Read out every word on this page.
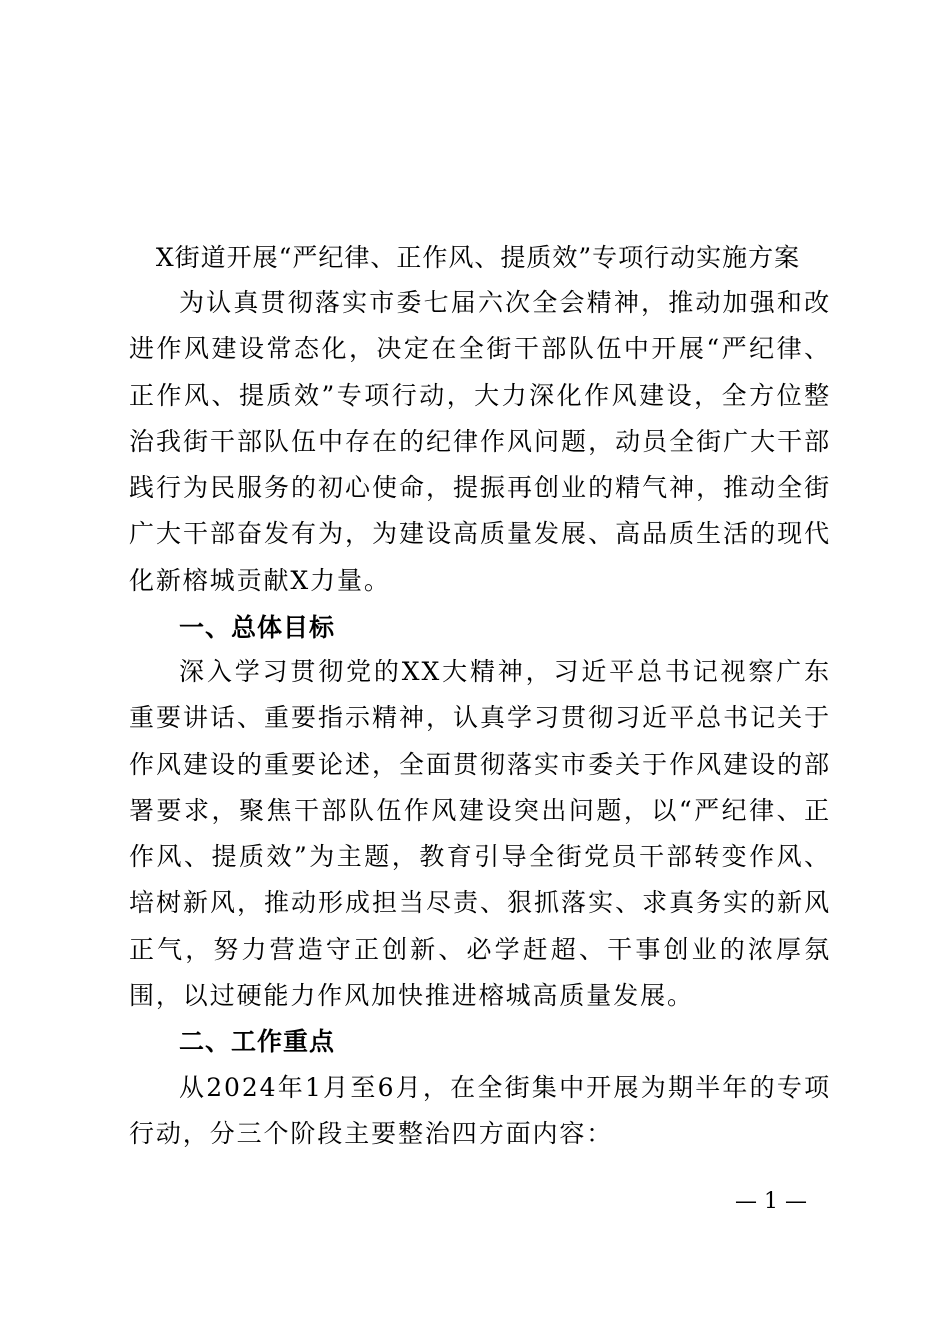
X街道开展“严纪律、正作风、提质效”专项行动实施方案

为认真贯彻落实市委七届六次全会精神，推动加强和改进作风建设常态化，决定在全街干部队伍中开展“严纪律、正作风、提质效”专项行动，大力深化作风建设，全方位整治我街干部队伍中存在的纪律作风问题，动员全街广大干部践行为民服务的初心使命，提振再创业的精气神，推动全街广大干部奋发有为，为建设高质量发展、高品质生活的现代化新榕城贡献X力量。

一、总体目标

深入学习贯彻党的XX大精神，习近平总书记视察广东重要讲话、重要指示精神，认真学习贯彻习近平总书记关于作风建设的重要论述，全面贯彻落实市委关于作风建设的部署要求，聚焦干部队伍作风建设突出问题，以“严纪律、正作风、提质效”为主题，教育引导全街党员干部转变作风、培树新风，推动形成担当尽责、狠抓落实、求真务实的新风正气，努力营造守正创新、必学赶超、干事创业的浓厚氛围，以过硬能力作风加快推进榕城高质量发展。

二、工作重点

从2024年1月至6月，在全街集中开展为期半年的专项行动，分三个阶段主要整治四方面内容：

— 1 —
